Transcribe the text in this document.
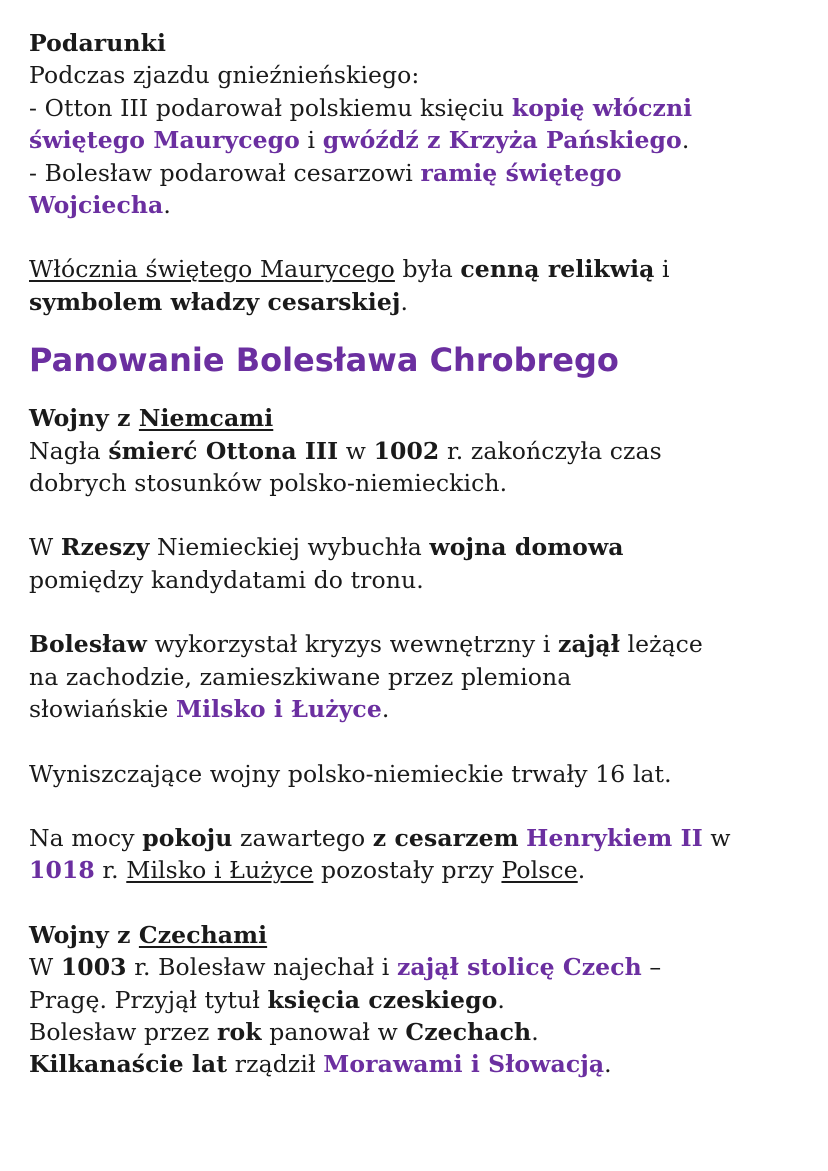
Podarunki
Podczas zjazdu gnieźnieńskiego:
- Otton III podarował polskiemu księciu kopię włóczni
świętego Maurycego i gwóźdź z Krzyża Pańskiego.
- Bolesław podarował cesarzowi ramię świętego
Wojciecha.
Włócznia świętego Maurycego była cenną relikwią i
symbolem władzy cesarskiej.
Panowanie Bolesława Chrobrego
Wojny z Niemcami
Nagła śmierć Ottona III w 1002 r. zakończyła czas
dobrych stosunków polsko-niemieckich.
W Rzeszy Niemieckiej wybuchła wojna domowa
pomiędzy kandydatami do tronu.
Bolesław wykorzystał kryzys wewnętrzny i zajął leżące
na zachodzie, zamieszkiwane przez plemiona
słowiańskie Milsko i Łużyce.
Wyniszczające wojny polsko-niemieckie trwały 16 lat.
Na mocy pokoju zawartego z cesarzem Henrykiem II w
1018 r. Milsko i Łużyce pozostały przy Polsce.
Wojny z Czechami
W 1003 r. Bolesław najechał i zajął stolicę Czech –
Pragę. Przyjął tytuł księcia czeskiego.
Bolesław przez rok panował w Czechach.
Kilkanaście lat rządził Morawami i Słowacją.
